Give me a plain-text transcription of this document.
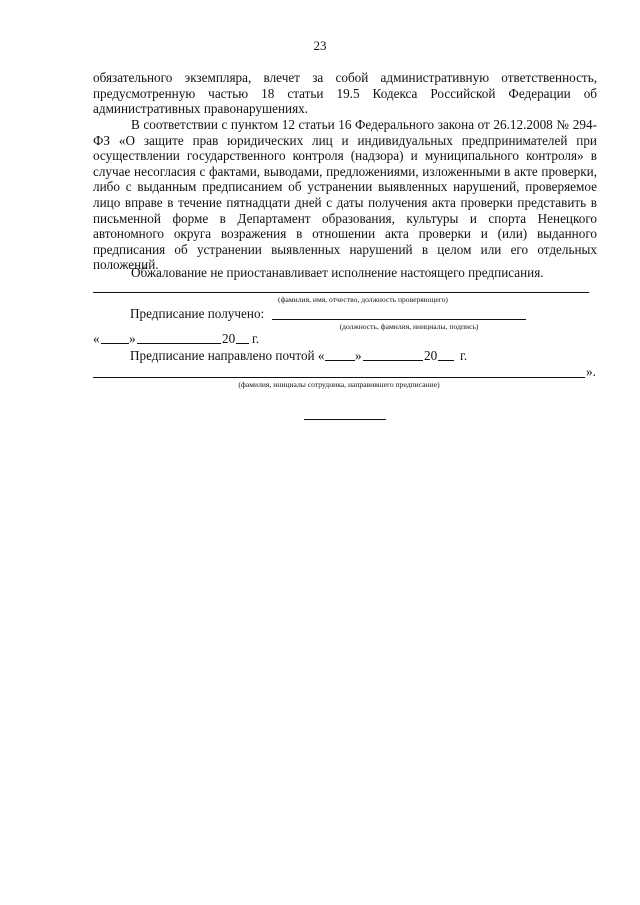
23

обязательного экземпляра, влечет за собой административную ответственность, предусмотренную частью 18 статьи 19.5 Кодекса Российской Федерации об административных правонарушениях.

В соответствии с пунктом 12 статьи 16 Федерального закона от 26.12.2008 № 294-ФЗ «О защите прав юридических лиц и индивидуальных предпринимателей при осуществлении государственного контроля (надзора) и муниципального контроля» в случае несогласия с фактами, выводами, предложениями, изложенными в акте проверки, либо с выданным предписанием об устранении выявленных нарушений, проверяемое лицо вправе в течение пятнадцати дней с даты получения акта проверки представить в письменной форме в Департамент образования, культуры и спорта Ненецкого автономного округа возражения в отношении акта проверки и (или) выданного предписания об устранении выявленных нарушений в целом или его отдельных положений.

Обжалование не приостанавливает исполнение настоящего предписания.

(фамилия, имя, отчество, должность проверяющего)
Предписание получено:
(должность, фамилия, инициалы, подпись)
« »	20 г.
Предписание направлено почтой « »	20 г.
».
(фамилия, инициалы сотрудника, направившего предписание)
